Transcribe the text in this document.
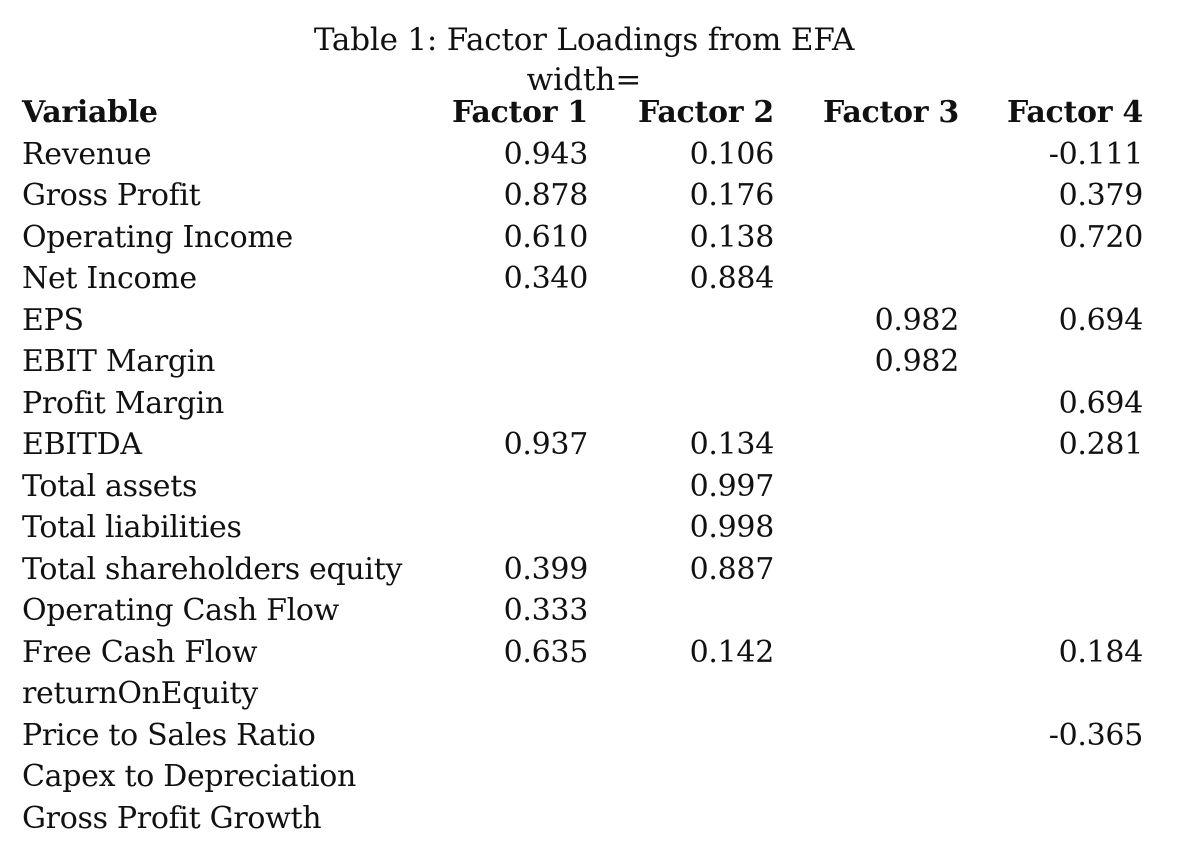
Table 1: Factor Loadings from EFA
width=
Variable	Factor 1	Factor 2	Factor 3	Factor 4
Revenue	0.943	0.106		-0.111
Gross Profit	0.878	0.176		0.379
Operating Income	0.610	0.138		0.720
Net Income	0.340	0.884		
EPS			0.982	0.694
EBIT Margin			0.982	
Profit Margin				0.694
EBITDA	0.937	0.134		0.281
Total assets		0.997		
Total liabilities		0.998		
Total shareholders equity	0.399	0.887		
Operating Cash Flow	0.333			
Free Cash Flow	0.635	0.142		0.184
returnOnEquity				
Price to Sales Ratio				-0.365
Capex to Depreciation				
Gross Profit Growth				
